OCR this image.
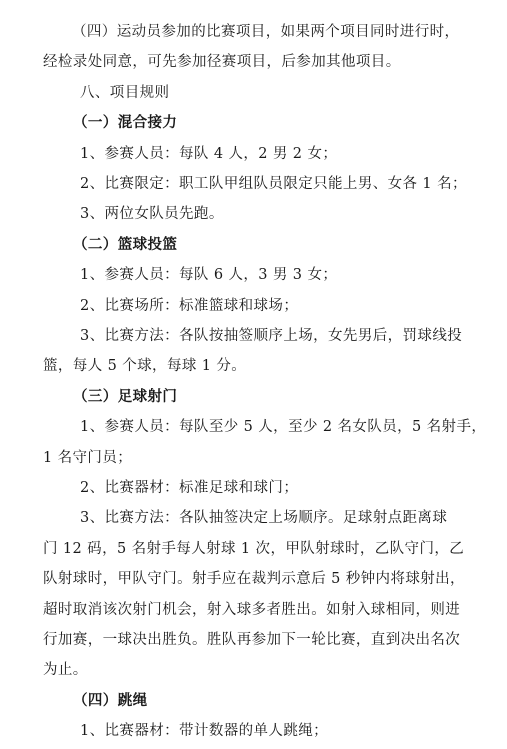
（四）运动员参加的比赛项目，如果两个项目同时进行时，
经检录处同意，可先参加径赛项目，后参加其他项目。
八、项目规则
（一）混合接力
1、参赛人员：每队 4 人，2 男 2 女；
2、比赛限定：职工队甲组队员限定只能上男、女各 1 名；
3、两位女队员先跑。
（二）篮球投篮
1、参赛人员：每队 6 人，3 男 3 女；
2、比赛场所：标准篮球和球场；
3、比赛方法：各队按抽签顺序上场，女先男后，罚球线投
篮，每人 5 个球，每球 1 分。
（三）足球射门
1、参赛人员：每队至少 5 人，至少 2 名女队员，5 名射手，
1 名守门员；
2、比赛器材：标准足球和球门；
3、比赛方法：各队抽签决定上场顺序。足球射点距离球
门 12 码，5 名射手每人射球 1 次，甲队射球时，乙队守门，乙
队射球时，甲队守门。射手应在裁判示意后 5 秒钟内将球射出，
超时取消该次射门机会，射入球多者胜出。如射入球相同，则进
行加赛，一球决出胜负。胜队再参加下一轮比赛，直到决出名次
为止。
（四）跳绳
1、比赛器材：带计数器的单人跳绳；
